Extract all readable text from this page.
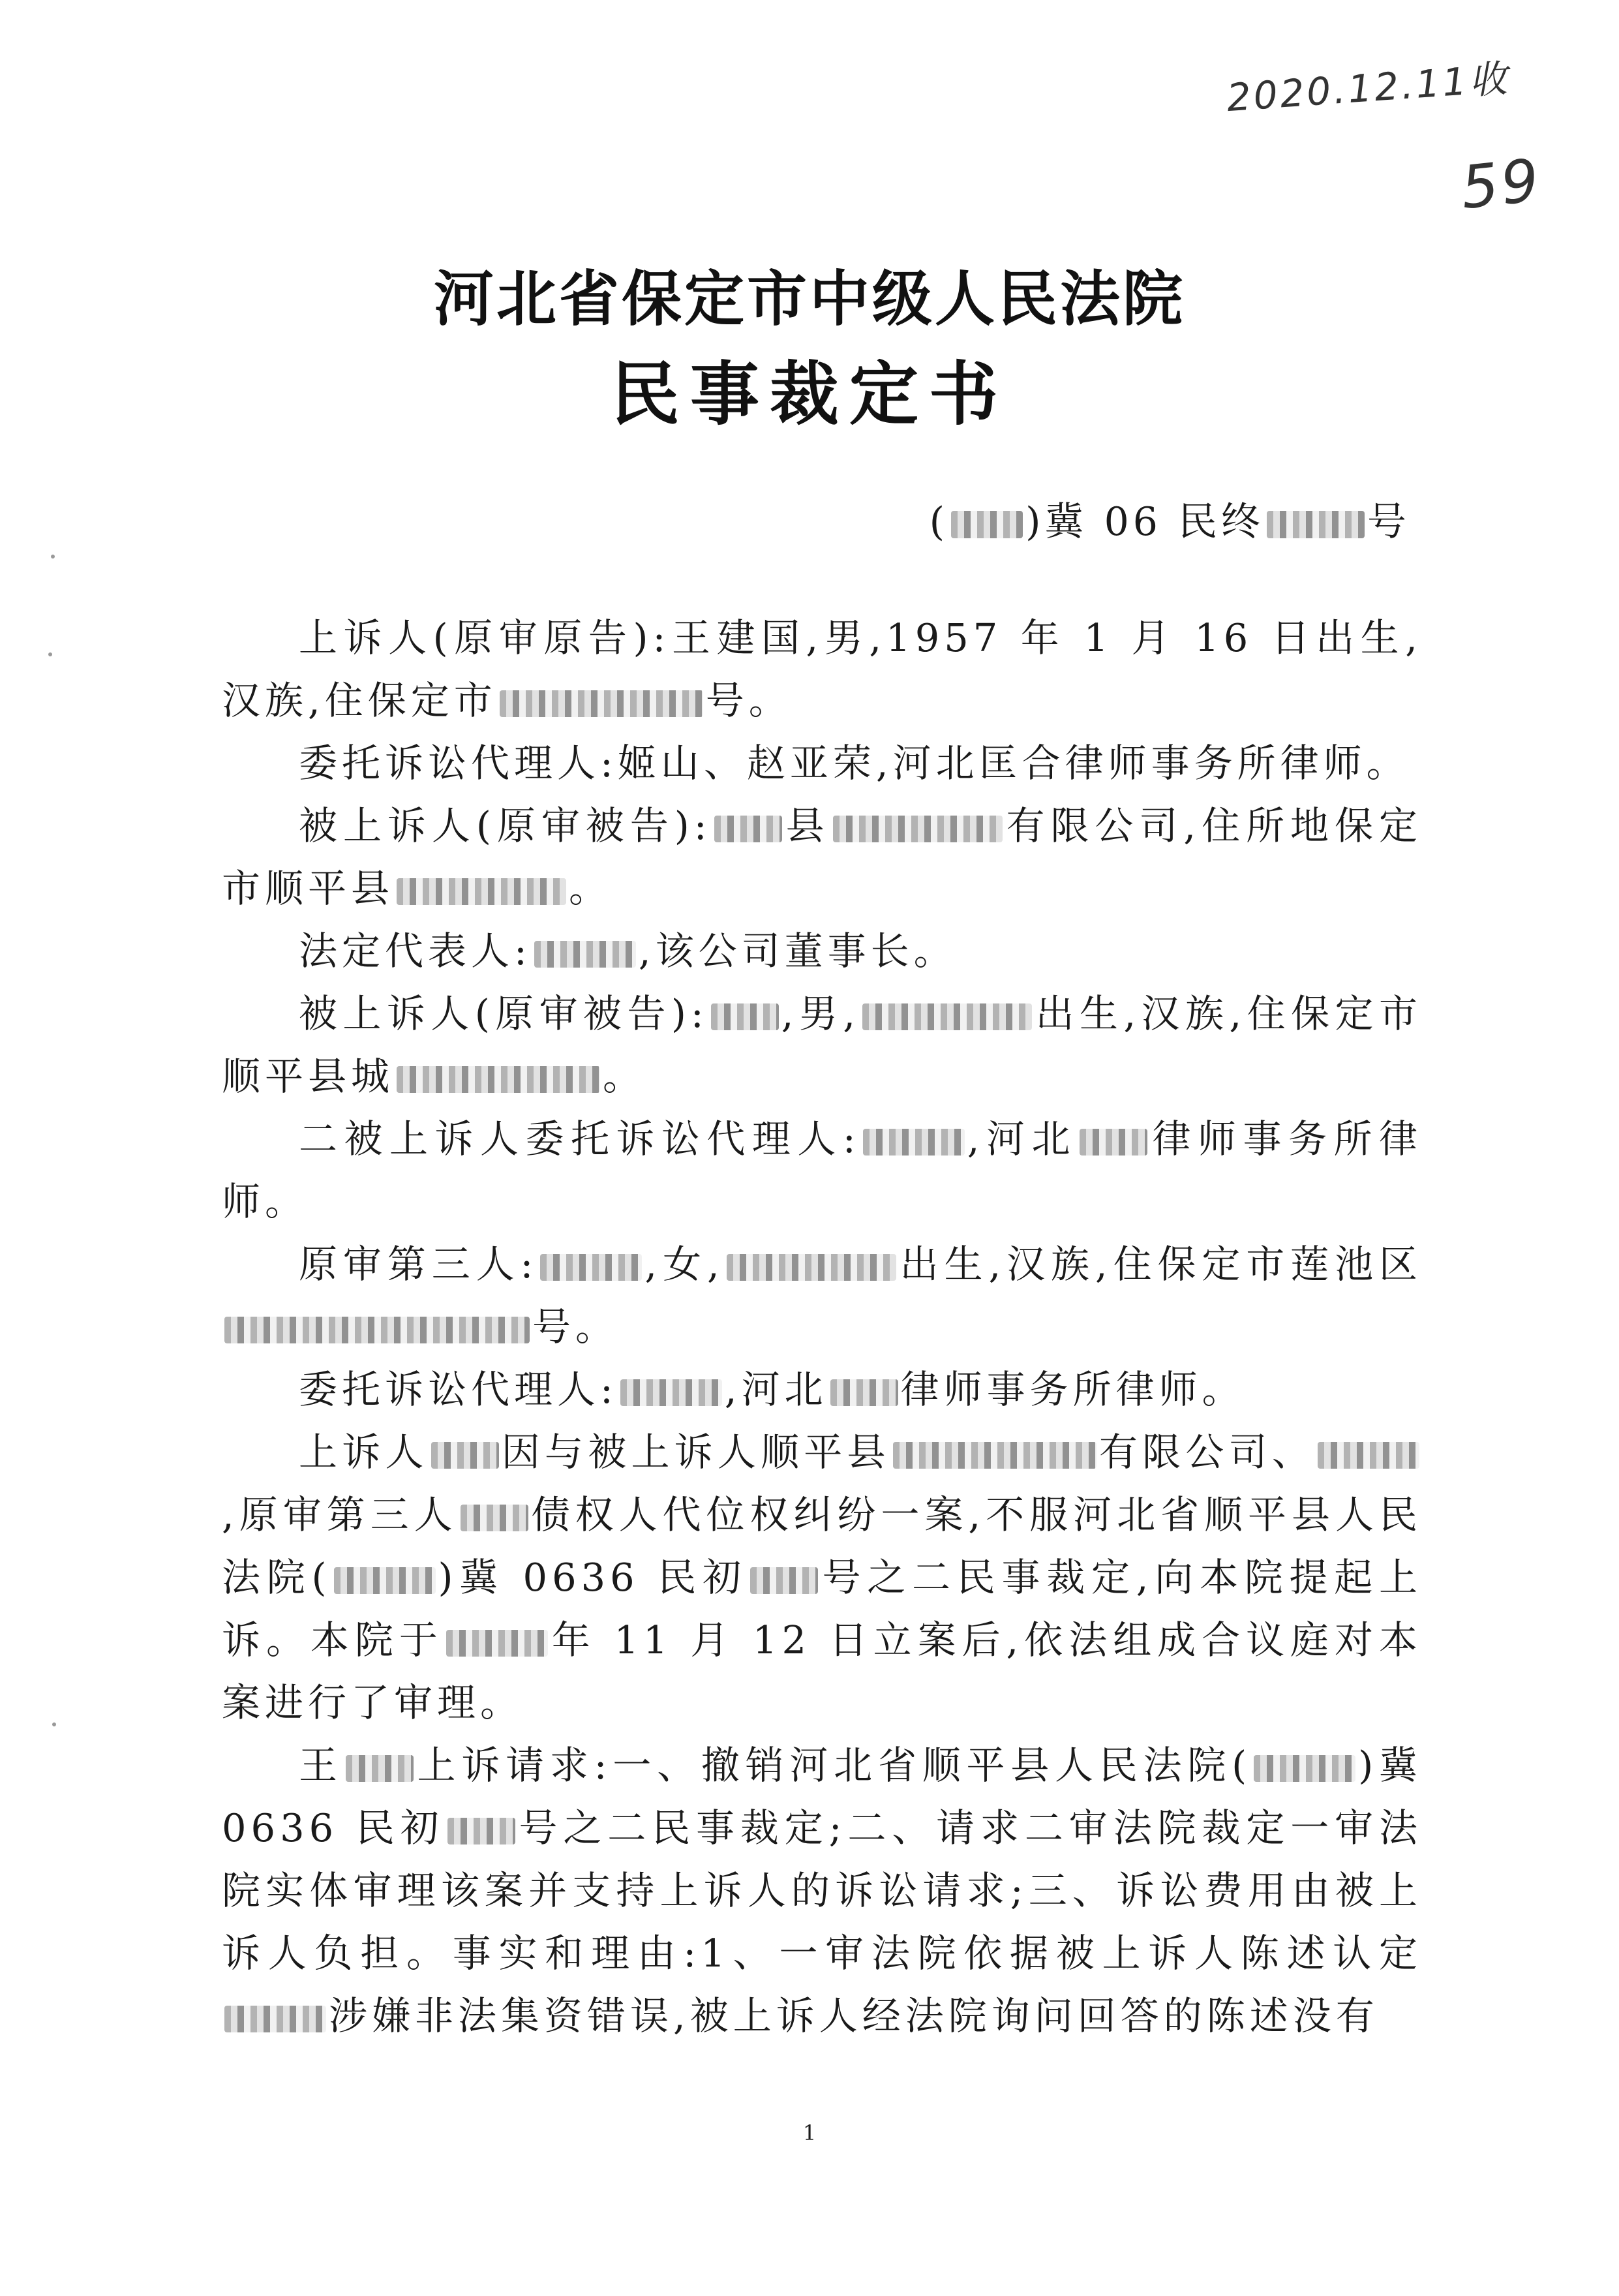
2020.12.11收
59
河北省保定市中级人民法院
民事裁定书
( )冀 06 民终	号

上诉人(原审原告):王建国,男,1957 年 1 月 16 日出生,汉族,住保定市	号。

委托诉讼代理人:姬山、赵亚荣,河北匡合律师事务所律师。

被上诉人(原审被告): 县	有限公司,住所地保定市顺平县	。

法定代表人:	,该公司董事长。

被上诉人(原审被告): ,男,	出生,汉族,住保定市顺平县城	。

二被上诉人委托诉讼代理人:	,河北 律师事务所律师。

原审第三人:	,女,	出生,汉族,住保定市莲池区号。

委托诉讼代理人:	,河北 律师事务所律师。

上诉人 因与被上诉人顺平县	有限公司、,原审第三人 债权人代位权纠纷一案,不服河北省顺平县人民法院(	)冀 0636 民初 号之二民事裁定,向本院提起上诉。本院于	年 11 月 12 日立案后,依法组成合议庭对本案进行了审理。

王 上诉请求:一、撤销河北省顺平县人民法院(	)冀 0636 民初 号之二民事裁定;二、请求二审法院裁定一审法院实体审理该案并支持上诉人的诉讼请求;三、诉讼费用由被上诉人负担。事实和理由:1、一审法院依据被上诉人陈述认定涉嫌非法集资错误,被上诉人经法院询问回答的陈述没有

1
